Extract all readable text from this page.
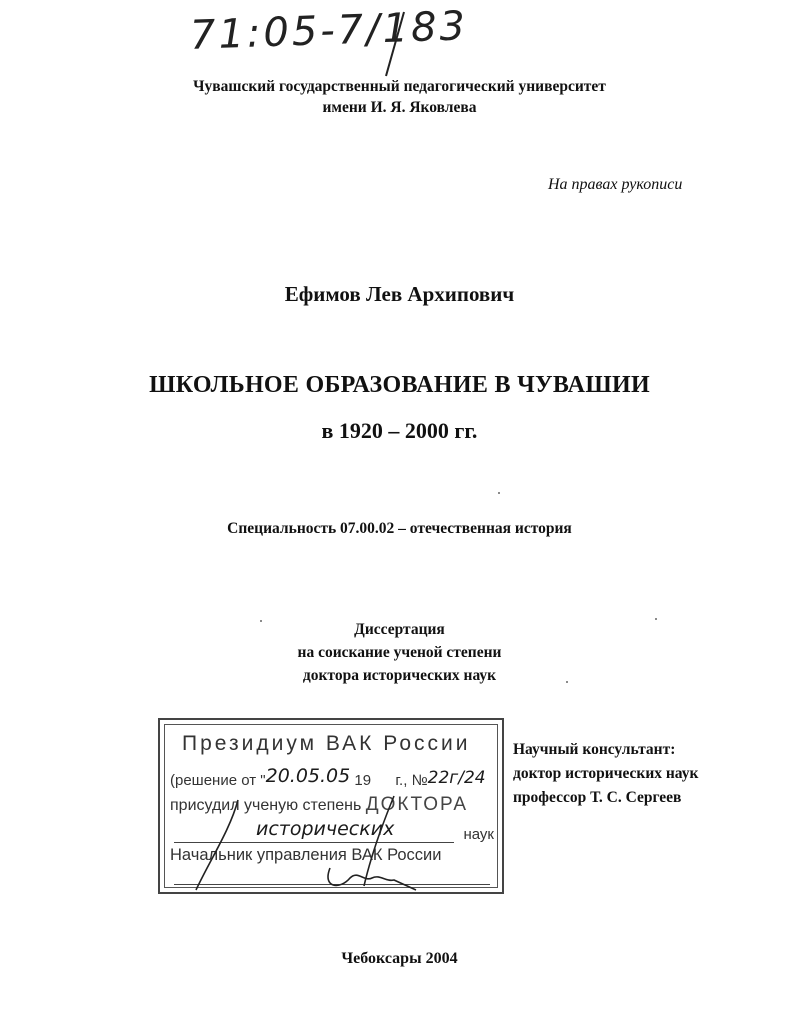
71:05-7/183
Чувашский государственный педагогический университет
имени И. Я. Яковлева
На правах рукописи
Ефимов Лев Архипович
ШКОЛЬНОЕ ОБРАЗОВАНИЕ В ЧУВАШИИ
в 1920 – 2000 гг.
Специальность 07.00.02 – отечественная история
Диссертация
на соискание ученой степени
доктора исторических наук
Президиум ВАК России
(решение от "20.05.05 19 г., №22г/24
присудил ученую степень ДОКТОРА
исторических	наук
Начальник управления ВАК России
Научный консультант:
доктор исторических наук
профессор Т. С. Сергеев
Чебоксары 2004
